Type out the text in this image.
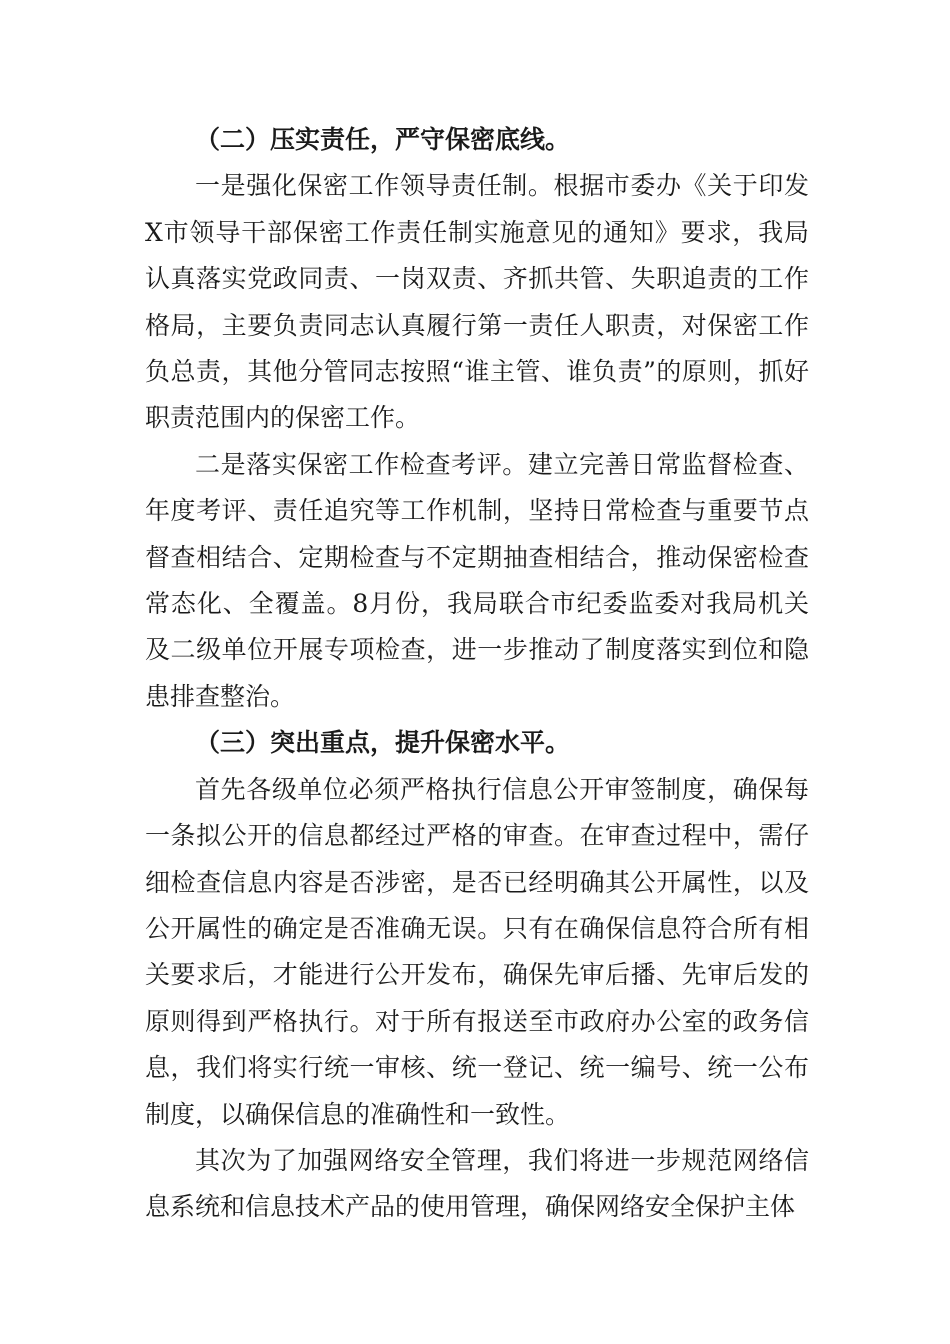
（二）压实责任，严守保密底线。

一是强化保密工作领导责任制。根据市委办《关于印发X市领导干部保密工作责任制实施意见的通知》要求，我局认真落实党政同责、一岗双责、齐抓共管、失职追责的工作格局，主要负责同志认真履行第一责任人职责，对保密工作负总责，其他分管同志按照“谁主管、谁负责”的原则，抓好职责范围内的保密工作。

二是落实保密工作检查考评。建立完善日常监督检查、年度考评、责任追究等工作机制，坚持日常检查与重要节点督查相结合、定期检查与不定期抽查相结合，推动保密检查常态化、全覆盖。8月份，我局联合市纪委监委对我局机关及二级单位开展专项检查，进一步推动了制度落实到位和隐患排查整治。

（三）突出重点，提升保密水平。

首先各级单位必须严格执行信息公开审签制度，确保每一条拟公开的信息都经过严格的审查。在审查过程中，需仔细检查信息内容是否涉密，是否已经明确其公开属性，以及公开属性的确定是否准确无误。只有在确保信息符合所有相关要求后，才能进行公开发布，确保先审后播、先审后发的原则得到严格执行。对于所有报送至市政府办公室的政务信息，我们将实行统一审核、统一登记、统一编号、统一公布制度，以确保信息的准确性和一致性。

其次为了加强网络安全管理，我们将进一步规范网络信息系统和信息技术产品的使用管理，确保网络安全保护主体
